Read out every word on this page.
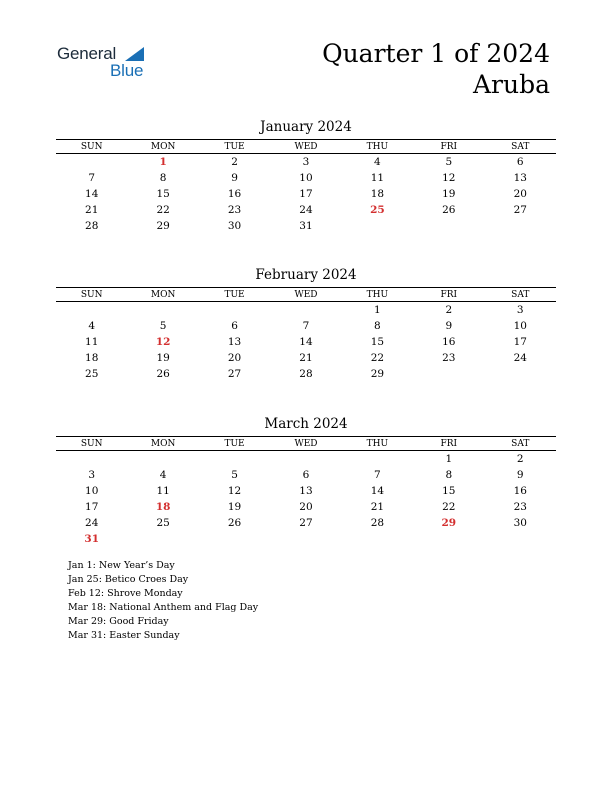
General
Blue
Quarter 1 of 2024
Aruba
January 2024
SUN	MON	TUE	WED	THU	FRI	SAT
	1	2	3	4	5	6
7	8	9	10	11	12	13
14	15	16	17	18	19	20
21	22	23	24	25	26	27
28	29	30	31			
February 2024
SUN	MON	TUE	WED	THU	FRI	SAT
				1	2	3
4	5	6	7	8	9	10
11	12	13	14	15	16	17
18	19	20	21	22	23	24
25	26	27	28	29		
March 2024
SUN	MON	TUE	WED	THU	FRI	SAT
					1	2
3	4	5	6	7	8	9
10	11	12	13	14	15	16
17	18	19	20	21	22	23
24	25	26	27	28	29	30
31						
Jan 1: New Year’s Day
Jan 25: Betico Croes Day
Feb 12: Shrove Monday
Mar 18: National Anthem and Flag Day
Mar 29: Good Friday
Mar 31: Easter Sunday
